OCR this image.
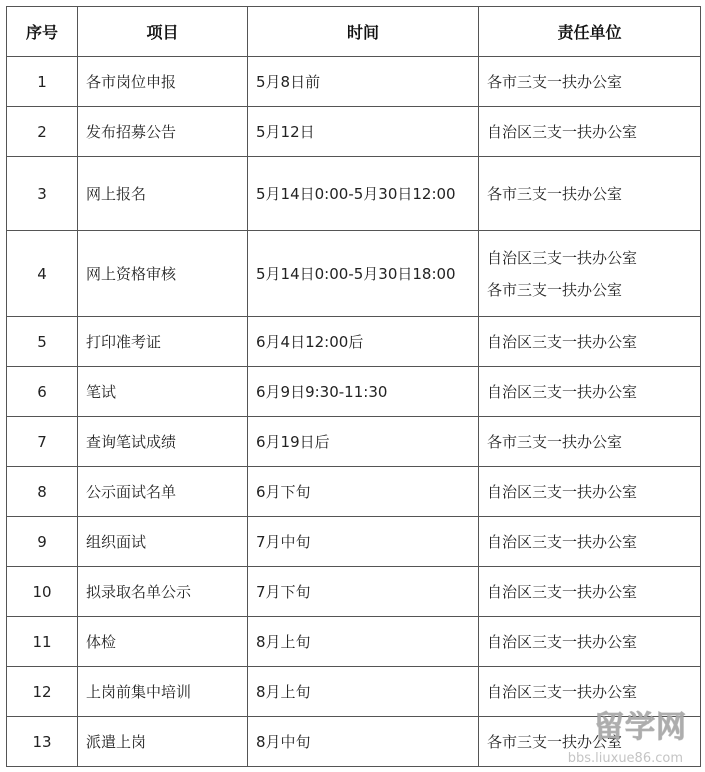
序号	项目	时间	责任单位
1	各市岗位申报	5月8日前	各市三支一扶办公室

2	发布招募公告	5月12日	自治区三支一扶办公室

3	网上报名	5月14日0:00-5月30日12:00	各市三支一扶办公室

4	网上资格审核	5月14日0:00-5月30日18:00	自治区三支一扶办公室
各市三支一扶办公室

5	打印准考证	6月4日12:00后	自治区三支一扶办公室

6	笔试	6月9日9:30-11:30	自治区三支一扶办公室

7	查询笔试成绩	6月19日后	各市三支一扶办公室

8	公示面试名单	6月下旬	自治区三支一扶办公室

9	组织面试	7月中旬	自治区三支一扶办公室

10	拟录取名单公示	7月下旬	自治区三支一扶办公室

11	体检	8月上旬	自治区三支一扶办公室

12	上岗前集中培训	8月上旬	自治区三支一扶办公室

13	派遣上岗	8月中旬	各市三支一扶办公室
留学网
bbs.liuxue86.com
